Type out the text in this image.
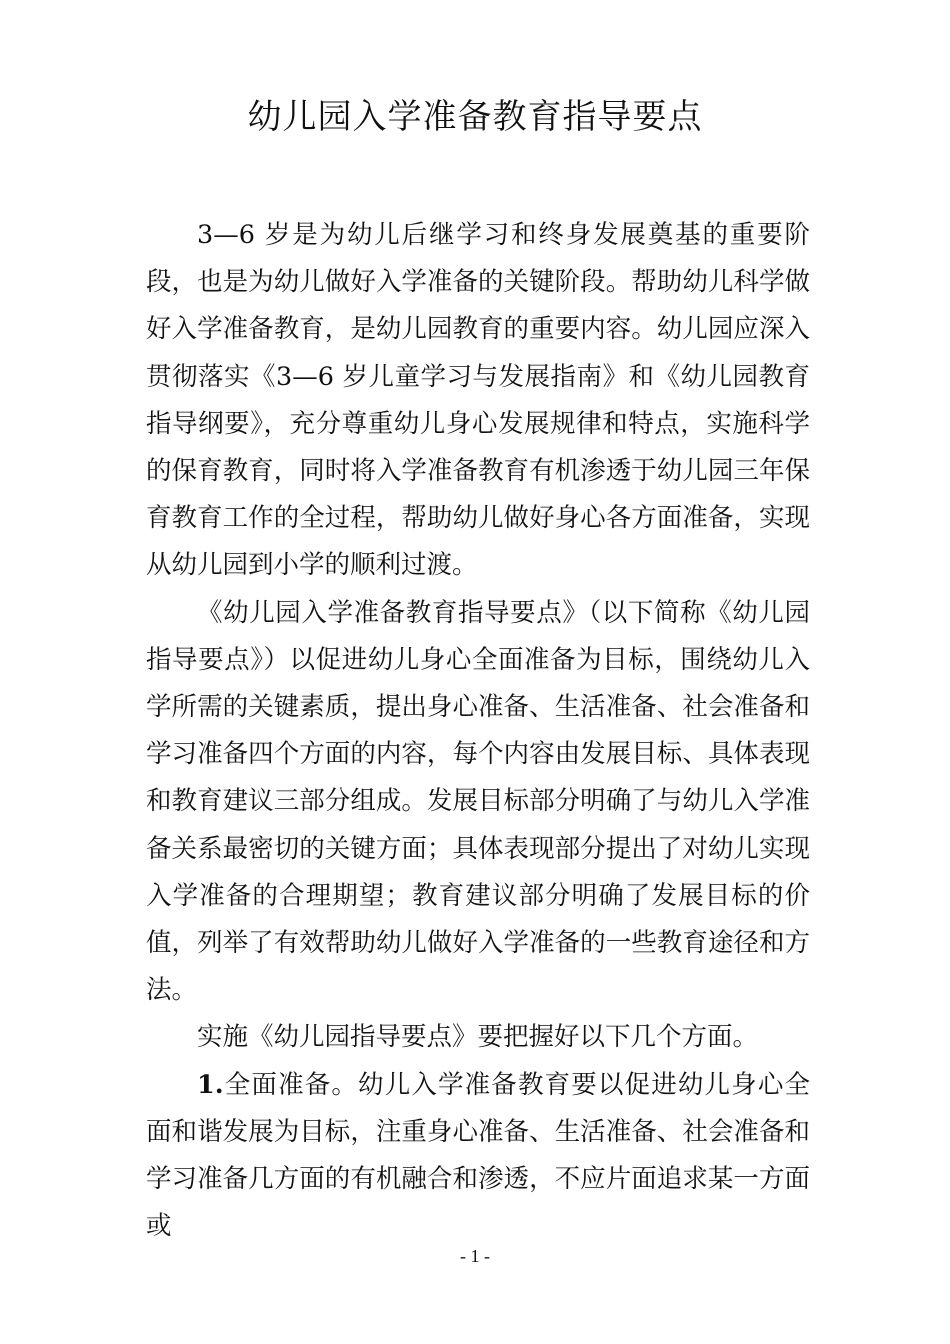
幼儿园入学准备教育指导要点

3—6 岁是为幼儿后继学习和终身发展奠基的重要阶段，也是为幼儿做好入学准备的关键阶段。帮助幼儿科学做好入学准备教育，是幼儿园教育的重要内容。幼儿园应深入贯彻落实《3—6 岁儿童学习与发展指南》和《幼儿园教育指导纲要》，充分尊重幼儿身心发展规律和特点，实施科学的保育教育，同时将入学准备教育有机渗透于幼儿园三年保育教育工作的全过程，帮助幼儿做好身心各方面准备，实现从幼儿园到小学的顺利过渡。

《幼儿园入学准备教育指导要点》（以下简称《幼儿园指导要点》）以促进幼儿身心全面准备为目标，围绕幼儿入学所需的关键素质，提出身心准备、生活准备、社会准备和学习准备四个方面的内容，每个内容由发展目标、具体表现和教育建议三部分组成。发展目标部分明确了与幼儿入学准备关系最密切的关键方面；具体表现部分提出了对幼儿实现入学准备的合理期望；教育建议部分明确了发展目标的价值，列举了有效帮助幼儿做好入学准备的一些教育途径和方法。

实施《幼儿园指导要点》要把握好以下几个方面。

1.全面准备。幼儿入学准备教育要以促进幼儿身心全面和谐发展为目标，注重身心准备、生活准备、社会准备和学习准备几方面的有机融合和渗透，不应片面追求某一方面或

- 1 -
